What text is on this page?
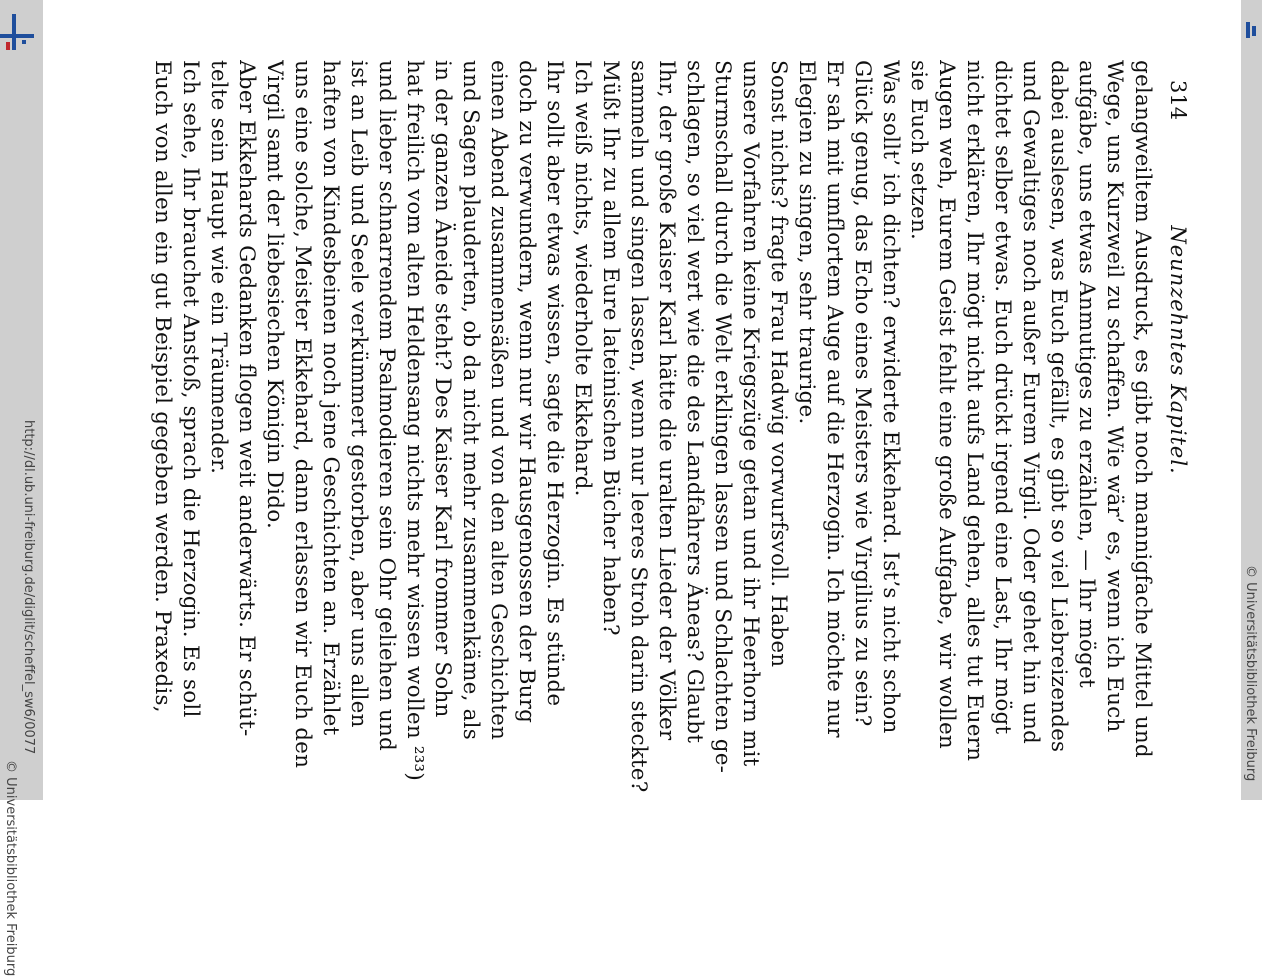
http://dl.ub.uni-freiburg.de/diglit/scheffel_sw6/0077
© Universitätsbibliothek Freiburg
© Universitätsbibliothek Freiburg
314
Neunzehntes Kapitel.
gelangweiltem Ausdruck, es gibt noch mannigfache Mittel und
Wege, uns Kurzweil zu schaffen. Wie wär’ es, wenn ich Euch
aufgäbe, uns etwas Anmutiges zu erzählen, — Ihr möget
dabei auslesen, was Euch gefällt, es gibt so viel Liebreizendes
und Gewaltiges noch außer Eurem Virgil. Oder gehet hin und
dichtet selber etwas. Euch drückt irgend eine Last, Ihr mögt
nicht erklären, Ihr mögt nicht aufs Land gehen, alles tut Euern
Augen weh, Eurem Geist fehlt eine große Aufgabe, wir wollen
sie Euch setzen.
Was sollt’ ich dichten? erwiderte Ekkehard. Ist’s nicht schon
Glück genug, das Echo eines Meisters wie Virgilius zu sein?
Er sah mit umflortem Auge auf die Herzogin. Ich möchte nur
Elegien zu singen, sehr traurige.
Sonst nichts? fragte Frau Hadwig vorwurfsvoll. Haben
unsere Vorfahren keine Kriegszüge getan und ihr Heerhorn mit
Sturmschall durch die Welt erklingen lassen und Schlachten ge-
schlagen, so viel wert wie die des Landfahrers Äneas? Glaubt
Ihr, der große Kaiser Karl hätte die uralten Lieder der Völker
sammeln und singen lassen, wenn nur leeres Stroh darin steckte?
Müßt Ihr zu allem Eure lateinischen Bücher haben?
Ich weiß nichts, wiederholte Ekkehard.
Ihr sollt aber etwas wissen, sagte die Herzogin. Es stünde
doch zu verwundern, wenn nur wir Hausgenossen der Burg
einen Abend zusammensäßen und von den alten Geschichten
und Sagen plauderten, ob da nicht mehr zusammenkäme, als
in der ganzen Äneide steht? Des Kaiser Karl frommer Sohn
hat freilich vom alten Heldensang nichts mehr wissen wollen ²³³)
und lieber schnarrendem Psalmodieren sein Ohr geliehen und
ist an Leib und Seele verkümmert gestorben, aber uns allen
haften von Kindesbeinen noch jene Geschichten an. Erzählet
uns eine solche, Meister Ekkehard, dann erlassen wir Euch den
Virgil samt der liebesiechen Königin Dido.
Aber Ekkehards Gedanken flogen weit anderwärts. Er schüt-
telte sein Haupt wie ein Träumender.
Ich sehe, Ihr brauchet Anstoß, sprach die Herzogin. Es soll
Euch von allen ein gut Beispiel gegeben werden. Praxedis,
